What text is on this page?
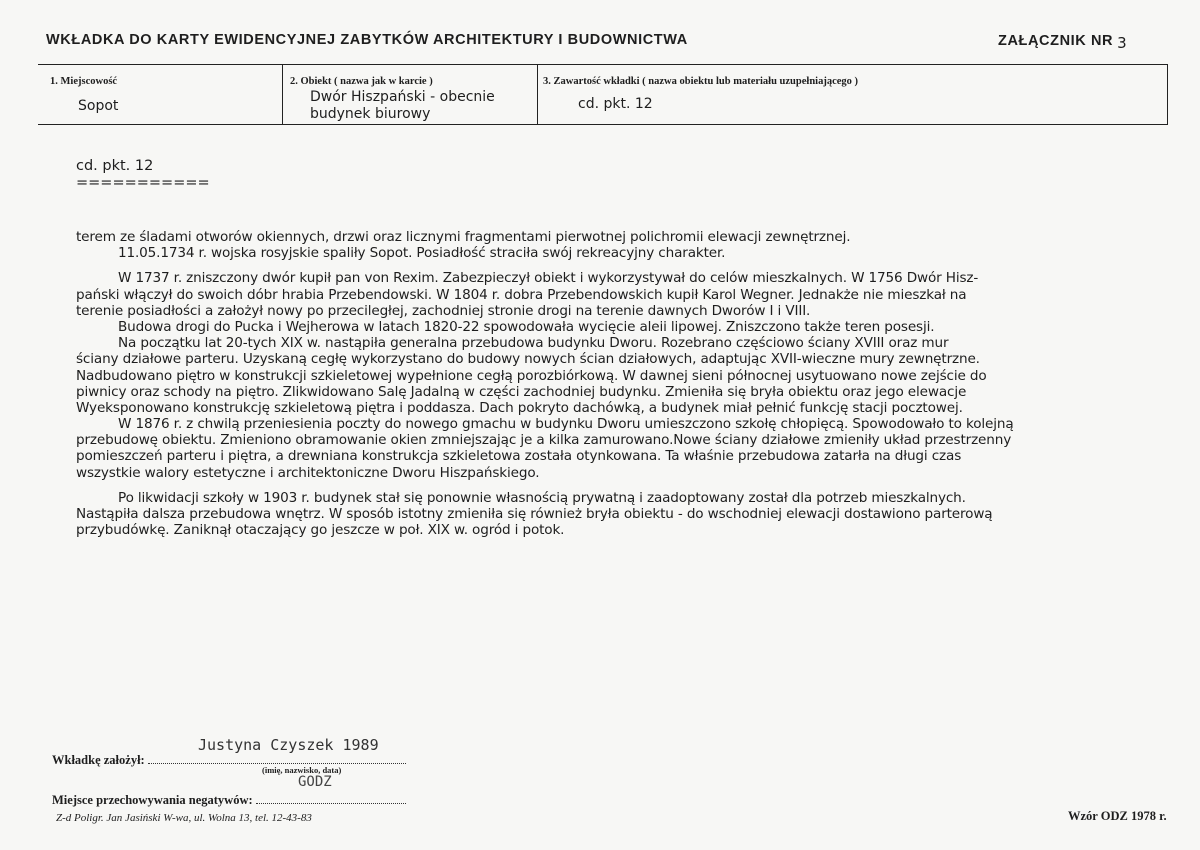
WKŁADKA DO KARTY EWIDENCYJNEJ ZABYTKÓW ARCHITEKTURY I BUDOWNICTWA	ZAŁĄCZNIK NR 3
1. Miejscowość
Sopot
2. Obiekt ( nazwa jak w karcie )
Dwór Hiszpański - obecnie
budynek biurowy
3. Zawartość wkładki ( nazwa obiektu lub materiału uzupełniającego )
cd. pkt. 12
cd. pkt. 12
===========
terem ze śladami otworów okiennych, drzwi oraz licznymi fragmentami pierwotnej polichromii elewacji zewnętrznej.
11.05.1734 r. wojska rosyjskie spaliły Sopot. Posiadłość straciła swój rekreacyjny charakter.
W 1737 r. zniszczony dwór kupił pan von Rexim. Zabezpieczył obiekt i wykorzystywał do celów mieszkalnych. W 1756 Dwór Hisz-
pański włączył do swoich dóbr hrabia Przebendowski. W 1804 r. dobra Przebendowskich kupił Karol Wegner. Jednakże nie mieszkał na
terenie posiadłości a założył nowy po przeciległej, zachodniej stronie drogi na terenie dawnych Dworów I i VIII.
Budowa drogi do Pucka i Wejherowa w latach 1820-22 spowodowała wycięcie aleii lipowej. Zniszczono także teren posesji.
Na początku lat 20-tych XIX w. nastąpiła generalna przebudowa budynku Dworu. Rozebrano częściowo ściany XVIII oraz mur
ściany działowe parteru. Uzyskaną cegłę wykorzystano do budowy nowych ścian działowych, adaptując XVII-wieczne mury zewnętrzne.
Nadbudowano piętro w konstrukcji szkieletowej wypełnione cegłą porozbiórkową. W dawnej sieni północnej usytuowano nowe zejście do
piwnicy oraz schody na piętro. Zlikwidowano Salę Jadalną w części zachodniej budynku. Zmieniła się bryła obiektu oraz jego elewacje
Wyeksponowano konstrukcję szkieletową piętra i poddasza. Dach pokryto dachówką, a budynek miał pełnić funkcję stacji pocztowej.
W 1876 r. z chwilą przeniesienia poczty do nowego gmachu w budynku Dworu umieszczono szkołę chłopięcą. Spowodowało to kolejną
przebudowę obiektu. Zmieniono obramowanie okien zmniejszając je a kilka zamurowano.Nowe ściany działowe zmieniły układ przestrzenny
pomieszczeń parteru i piętra, a drewniana konstrukcja szkieletowa została otynkowana. Ta właśnie przebudowa zatarła na długi czas
wszystkie walory estetyczne i architektoniczne Dworu Hiszpańskiego.
Po likwidacji szkoły w 1903 r. budynek stał się ponownie własnością prywatną i zaadoptowany został dla potrzeb mieszkalnych.
Nastąpiła dalsza przebudowa wnętrz. W sposób istotny zmieniła się również bryła obiektu - do wschodniej elewacji dostawiono parterową
przybudówkę. Zaniknął otaczający go jeszcze w poł. XIX w. ogród i potok.
Justyna Czyszek 1989
Wkładkę założył:
(imię, nazwisko, data)
GODZ
Miejsce przechowywania negatywów:
Z-d Poligr. Jan Jasiński W-wa, ul. Wolna 13, tel. 12-43-83	Wzór ODZ 1978 r.
